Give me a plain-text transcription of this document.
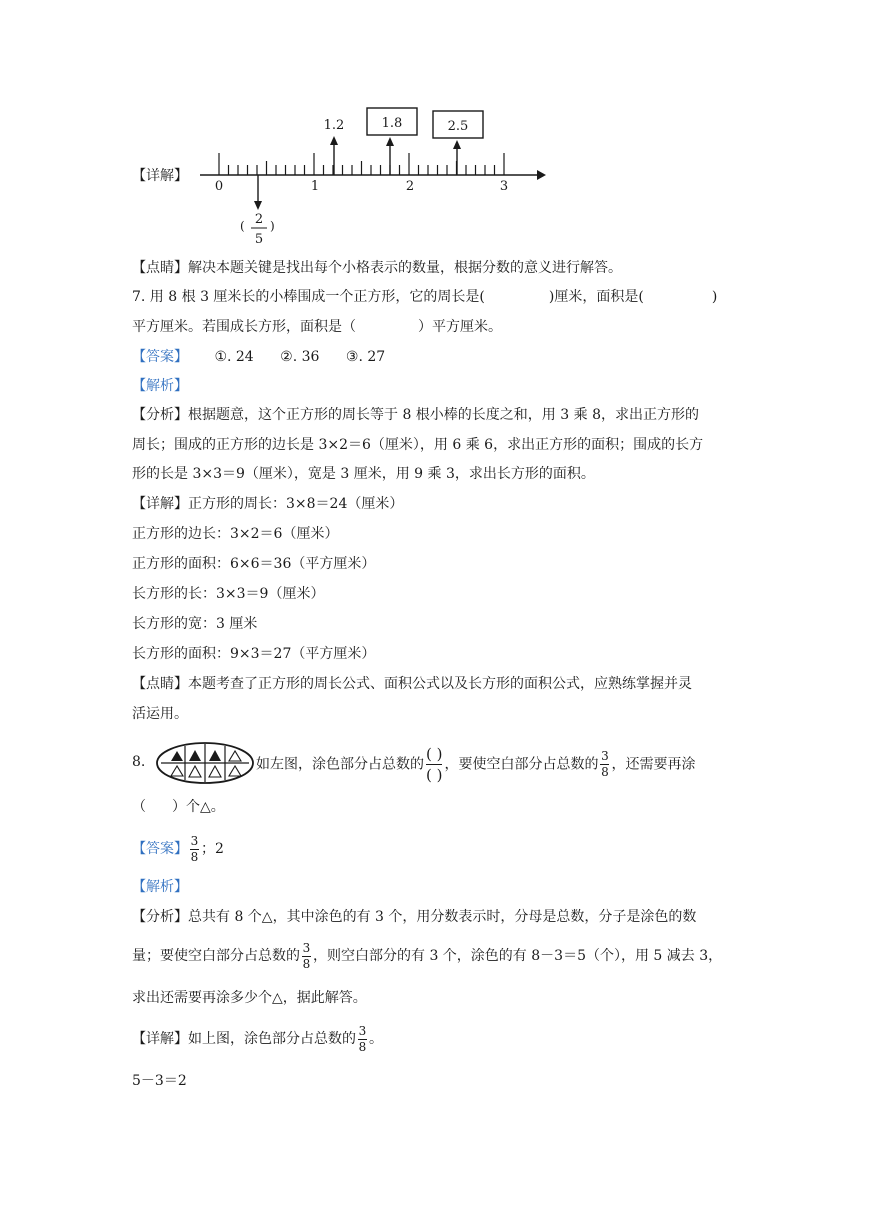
【详解】
0	1	2	3
1.2	1.8	2.5
( 2
5
)
【点睛】解决本题关键是找出每个小格表示的数量，根据分数的意义进行解答。
7. 用 8 根 3 厘米长的小棒围成一个正方形，它的周长是(	)厘米，面积是(	)
平方厘米。若围成长方形，面积是（	）平方厘米。
【答案】 ①. 24 ②. 36 ③. 27
【解析】
【分析】根据题意，这个正方形的周长等于 8 根小棒的长度之和，用 3 乘 8，求出正方形的
周长；围成的正方形的边长是 3×2＝6（厘米），用 6 乘 6，求出正方形的面积；围成的长方
形的长是 3×3＝9（厘米），宽是 3 厘米，用 9 乘 3，求出长方形的面积。
【详解】正方形的周长：3×8＝24（厘米）
正方形的边长：3×2＝6（厘米）
正方形的面积：6×6＝36（平方厘米）
长方形的长：3×3＝9（厘米）
长方形的宽：3 厘米
长方形的面积：9×3＝27（平方厘米）
【点睛】本题考查了正方形的周长公式、面积公式以及长方形的面积公式，应熟练掌握并灵
活运用。
8.	如左图，涂色部分占总数的 $\frac{( )}{( )}$ ，要使空白部分占总数的 $\frac{3}{8}$ ，还需要再涂
（ ）个△。
【答案】 $\frac{3}{8}$ ；2
【解析】
【分析】总共有 8 个△，其中涂色的有 3 个，用分数表示时，分母是总数，分子是涂色的数
量；要使空白部分占总数的 $\frac{3}{8}$ ，则空白部分的有 3 个，涂色的有 8－3＝5（个），用 5 减去 3，
求出还需要再涂多少个△，据此解答。
【详解】如上图，涂色部分占总数的 $\frac{3}{8}$ 。
5－3＝2
